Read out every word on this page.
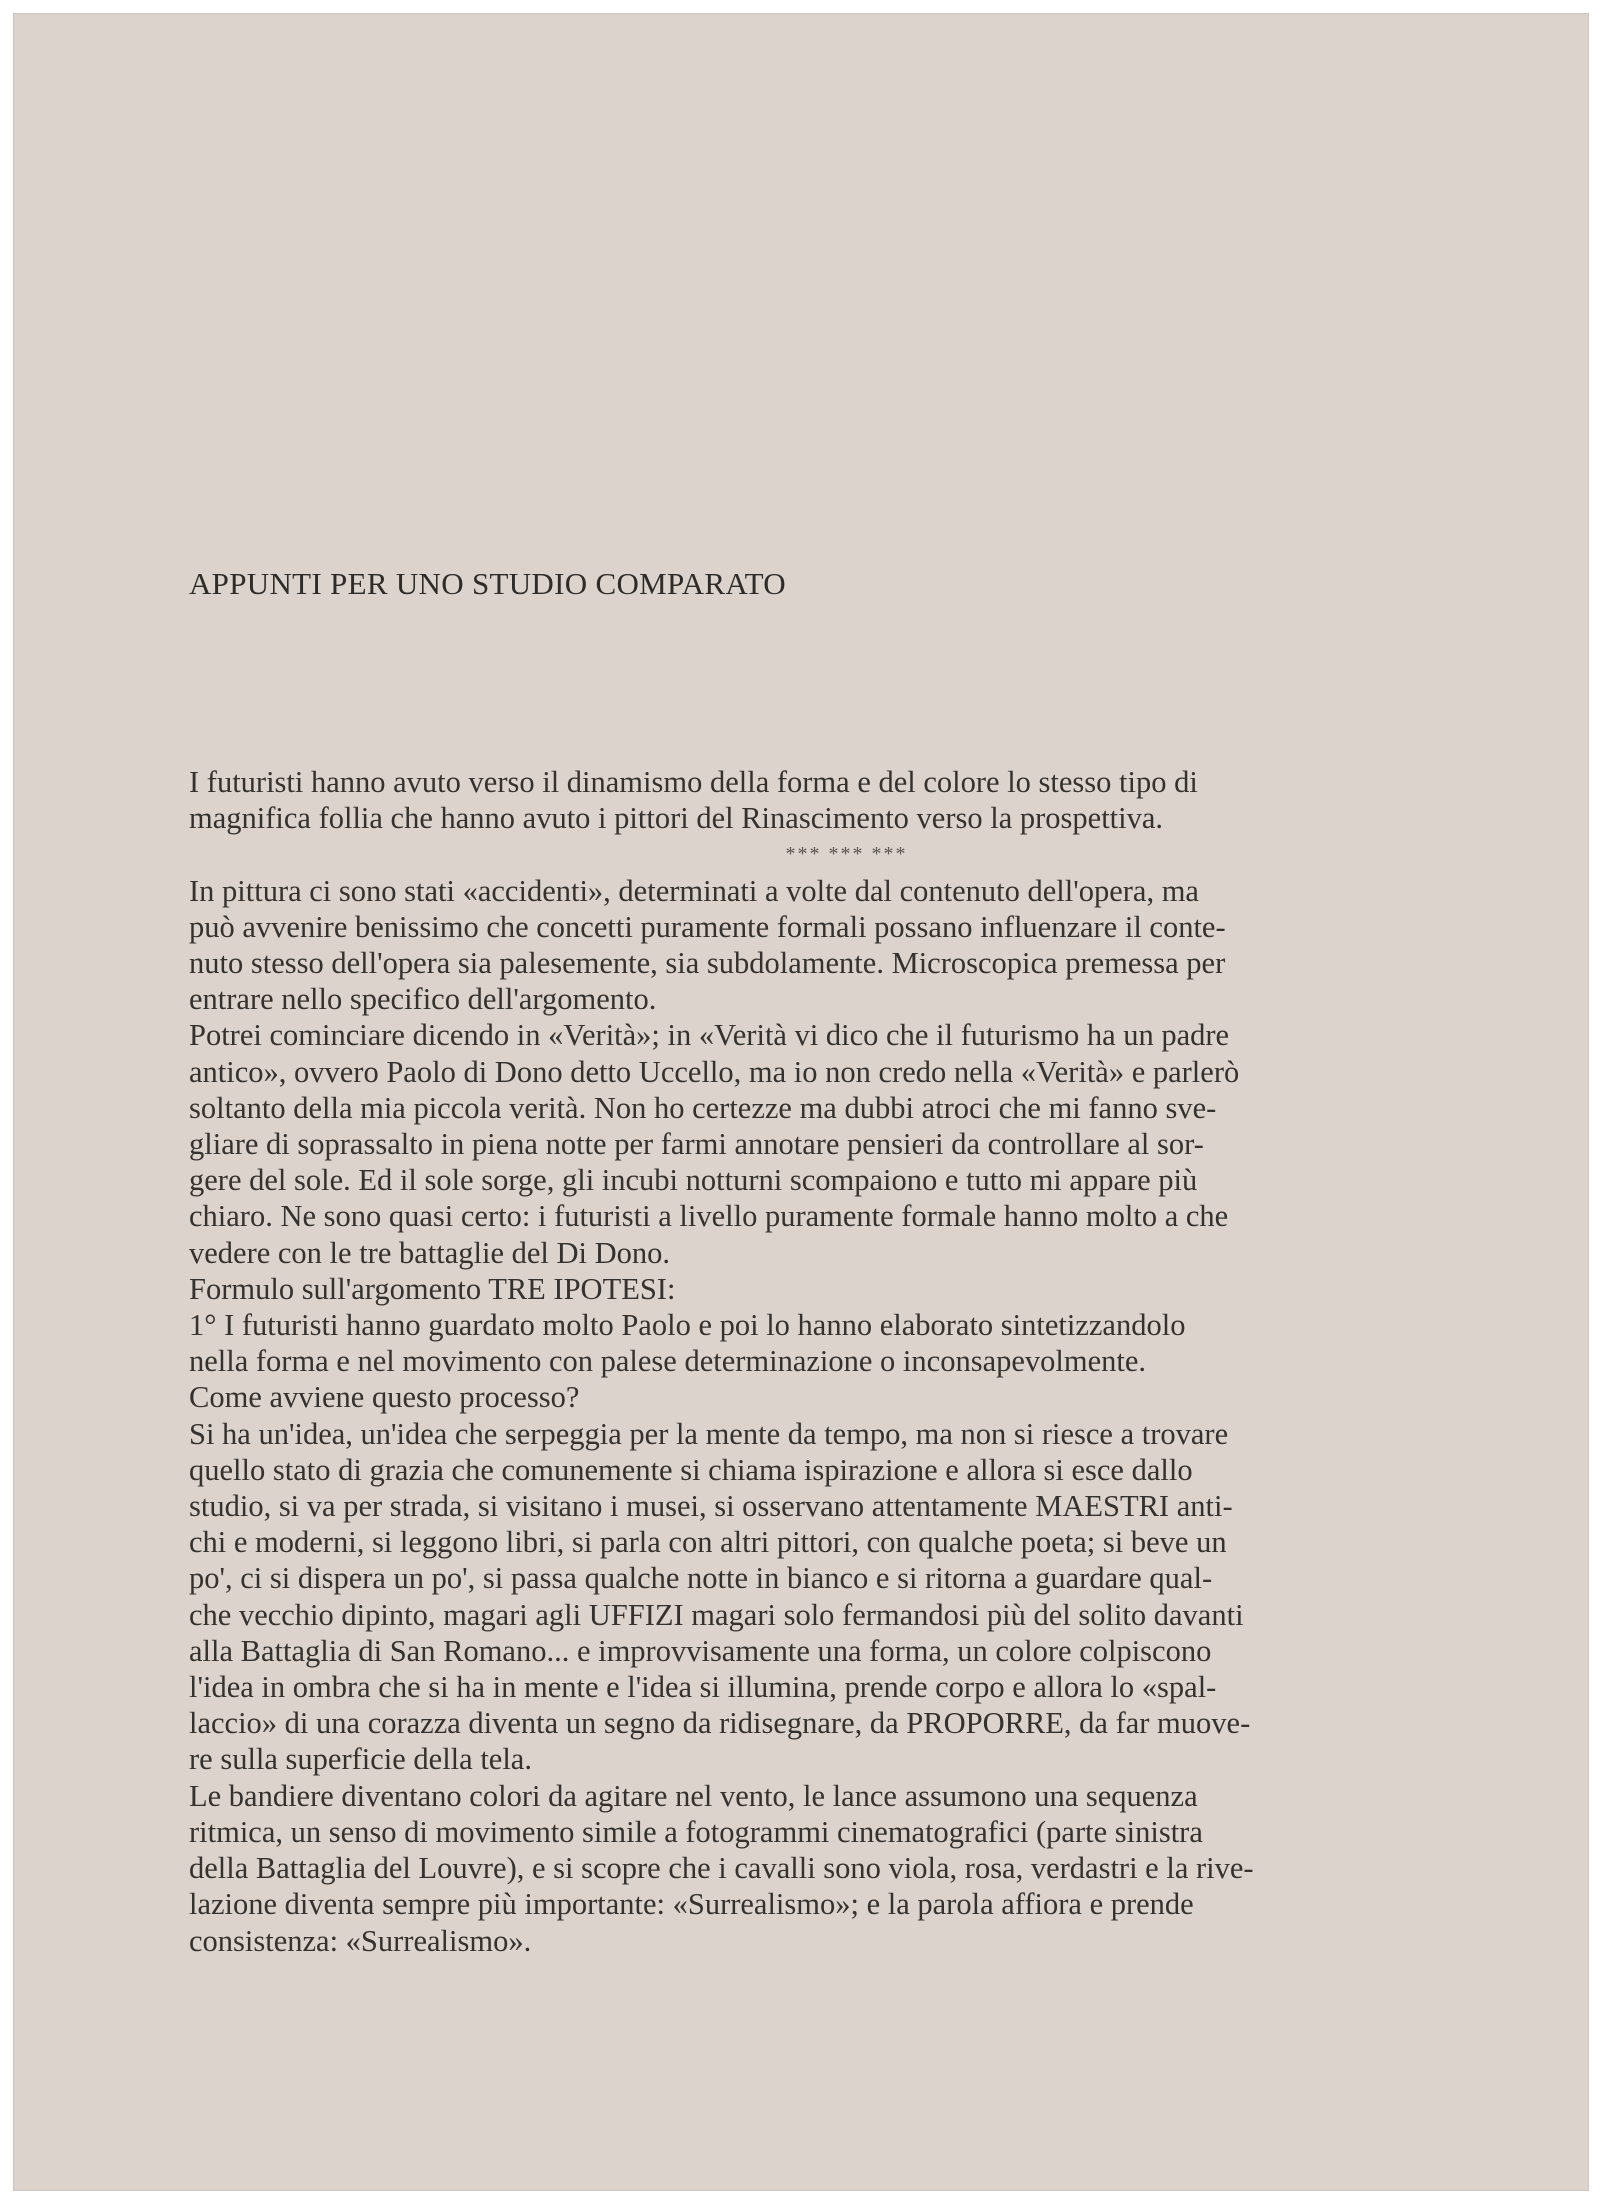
APPUNTI PER UNO STUDIO COMPARATO
I futuristi hanno avuto verso il dinamismo della forma e del colore lo stesso tipo di
magnifica follia che hanno avuto i pittori del Rinascimento verso la prospettiva.
*** *** ***
In pittura ci sono stati «accidenti», determinati a volte dal contenuto dell'opera, ma
può avvenire benissimo che concetti puramente formali possano influenzare il conte-
nuto stesso dell'opera sia palesemente, sia subdolamente. Microscopica premessa per
entrare nello specifico dell'argomento.
Potrei cominciare dicendo in «Verità»; in «Verità vi dico che il futurismo ha un padre
antico», ovvero Paolo di Dono detto Uccello, ma io non credo nella «Verità» e parlerò
soltanto della mia piccola verità. Non ho certezze ma dubbi atroci che mi fanno sve-
gliare di soprassalto in piena notte per farmi annotare pensieri da controllare al sor-
gere del sole. Ed il sole sorge, gli incubi notturni scompaiono e tutto mi appare più
chiaro. Ne sono quasi certo: i futuristi a livello puramente formale hanno molto a che
vedere con le tre battaglie del Di Dono.
Formulo sull'argomento TRE IPOTESI:
1° I futuristi hanno guardato molto Paolo e poi lo hanno elaborato sintetizzandolo
nella forma e nel movimento con palese determinazione o inconsapevolmente.
Come avviene questo processo?
Si ha un'idea, un'idea che serpeggia per la mente da tempo, ma non si riesce a trovare
quello stato di grazia che comunemente si chiama ispirazione e allora si esce dallo
studio, si va per strada, si visitano i musei, si osservano attentamente MAESTRI anti-
chi e moderni, si leggono libri, si parla con altri pittori, con qualche poeta; si beve un
po', ci si dispera un po', si passa qualche notte in bianco e si ritorna a guardare qual-
che vecchio dipinto, magari agli UFFIZI magari solo fermandosi più del solito davanti
alla Battaglia di San Romano... e improvvisamente una forma, un colore colpiscono
l'idea in ombra che si ha in mente e l'idea si illumina, prende corpo e allora lo «spal-
laccio» di una corazza diventa un segno da ridisegnare, da PROPORRE, da far muove-
re sulla superficie della tela.
Le bandiere diventano colori da agitare nel vento, le lance assumono una sequenza
ritmica, un senso di movimento simile a fotogrammi cinematografici (parte sinistra
della Battaglia del Louvre), e si scopre che i cavalli sono viola, rosa, verdastri e la rive-
lazione diventa sempre più importante: «Surrealismo»; e la parola affiora e prende
consistenza: «Surrealismo».
